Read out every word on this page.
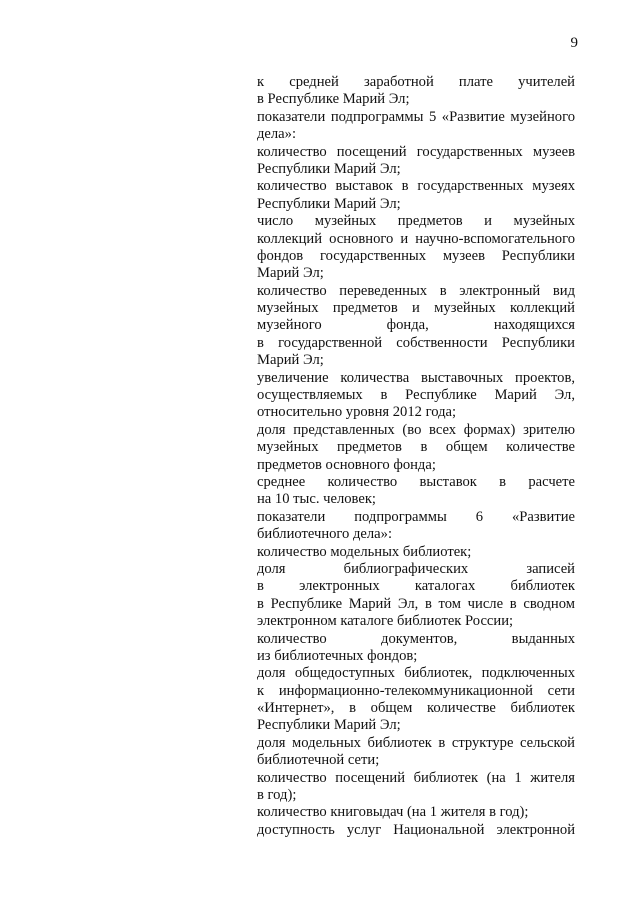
9
к средней заработной плате учителей
в Республике Марий Эл;
показатели подпрограммы 5 «Развитие музейного
дела»:
количество посещений государственных музеев
Республики Марий Эл;
количество выставок в государственных музеях
Республики Марий Эл;
число музейных предметов и музейных
коллекций основного и научно-вспомогательного
фондов государственных музеев Республики
Марий Эл;
количество переведенных в электронный вид
музейных предметов и музейных коллекций
музейного фонда, находящихся
в государственной собственности Республики
Марий Эл;
увеличение количества выставочных проектов,
осуществляемых в Республике Марий Эл,
относительно уровня 2012 года;
доля представленных (во всех формах) зрителю
музейных предметов в общем количестве
предметов основного фонда;
среднее количество выставок в расчете
на 10 тыс. человек;
показатели подпрограммы 6 «Развитие
библиотечного дела»:
количество модельных библиотек;
доля библиографических записей
в электронных каталогах библиотек
в Республике Марий Эл, в том числе в сводном
электронном каталоге библиотек России;
количество документов, выданных
из библиотечных фондов;
доля общедоступных библиотек, подключенных
к информационно-телекоммуникационной сети
«Интернет», в общем количестве библиотек
Республики Марий Эл;
доля модельных библиотек в структуре сельской
библиотечной сети;
количество посещений библиотек (на 1 жителя
в год);
количество книговыдач (на 1 жителя в год);
доступность услуг Национальной электронной
